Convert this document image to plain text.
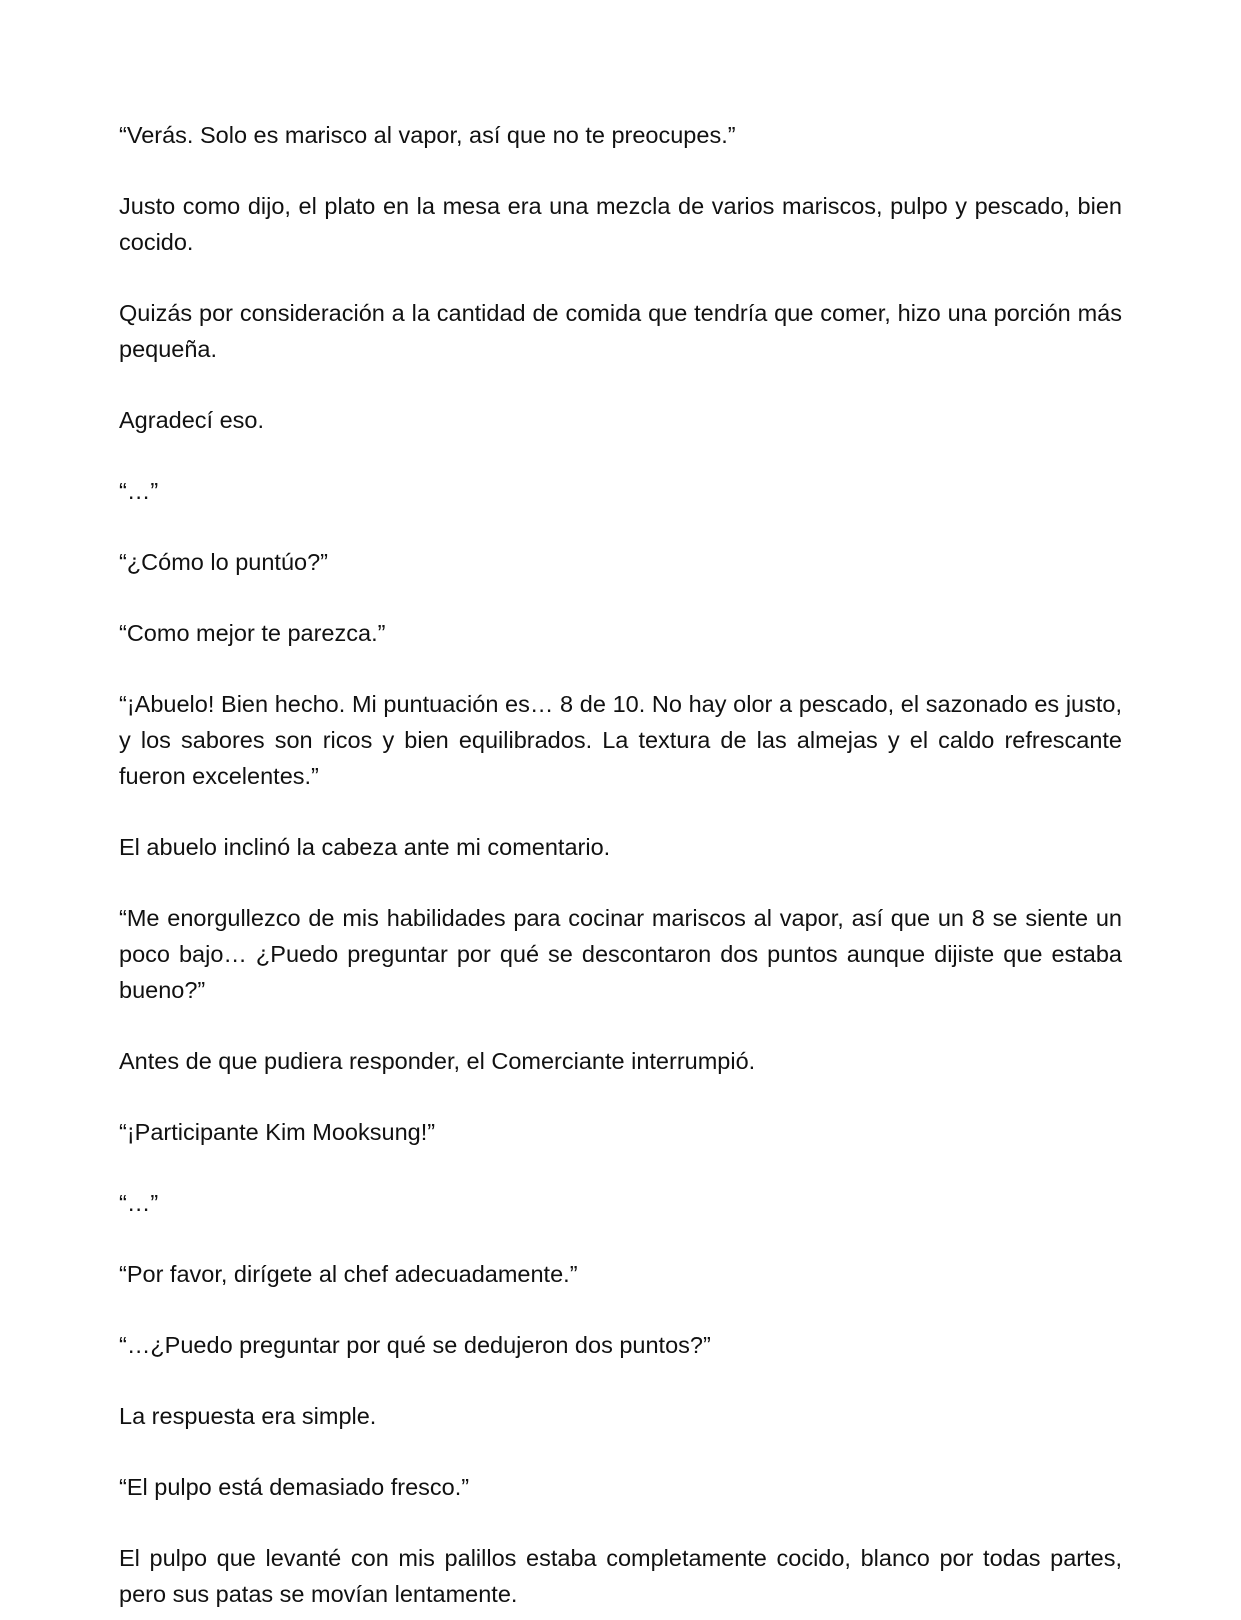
“Verás. Solo es marisco al vapor, así que no te preocupes.”

Justo como dijo, el plato en la mesa era una mezcla de varios mariscos, pulpo y pescado, bien cocido.

Quizás por consideración a la cantidad de comida que tendría que comer, hizo una porción más pequeña.

Agradecí eso.

“…”

“¿Cómo lo puntúo?”

“Como mejor te parezca.”

“¡Abuelo! Bien hecho. Mi puntuación es… 8 de 10. No hay olor a pescado, el sazonado es justo, y los sabores son ricos y bien equilibrados. La textura de las almejas y el caldo refrescante fueron excelentes.”

El abuelo inclinó la cabeza ante mi comentario.

“Me enorgullezco de mis habilidades para cocinar mariscos al vapor, así que un 8 se siente un poco bajo… ¿Puedo preguntar por qué se descontaron dos puntos aunque dijiste que estaba bueno?”

Antes de que pudiera responder, el Comerciante interrumpió.

“¡Participante Kim Mooksung!”

“…”

“Por favor, dirígete al chef adecuadamente.”

“…¿Puedo preguntar por qué se dedujeron dos puntos?”

La respuesta era simple.

“El pulpo está demasiado fresco.”

El pulpo que levanté con mis palillos estaba completamente cocido, blanco por todas partes, pero sus patas se movían lentamente.
